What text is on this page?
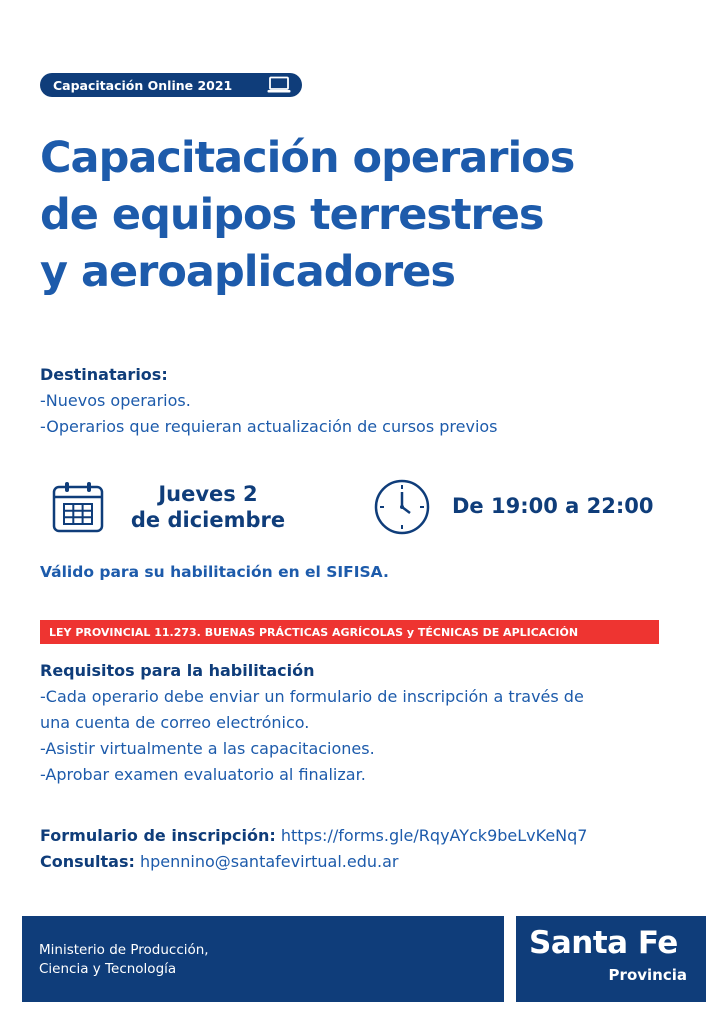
Capacitación Online 2021
Capacitación operarios
de equipos terrestres
y aeroaplicadores
Destinatarios:
-Nuevos operarios.
-Operarios que requieran actualización de cursos previos
Jueves 2
de diciembre
De 19:00 a 22:00
Válido para su habilitación en el SIFISA.
LEY PROVINCIAL 11.273. BUENAS PRÁCTICAS AGRÍCOLAS y TÉCNICAS DE APLICACIÓN
Requisitos para la habilitación
-Cada operario debe enviar un formulario de inscripción a través de
una cuenta de correo electrónico.
-Asistir virtualmente a las capacitaciones.
-Aprobar examen evaluatorio al finalizar.
Formulario de inscripción: https://forms.gle/RqyAYck9beLvKeNq7
Consultas: hpennino@santafevirtual.edu.ar
Ministerio de Producción,
Ciencia y Tecnología
Santa Fe
Provincia
